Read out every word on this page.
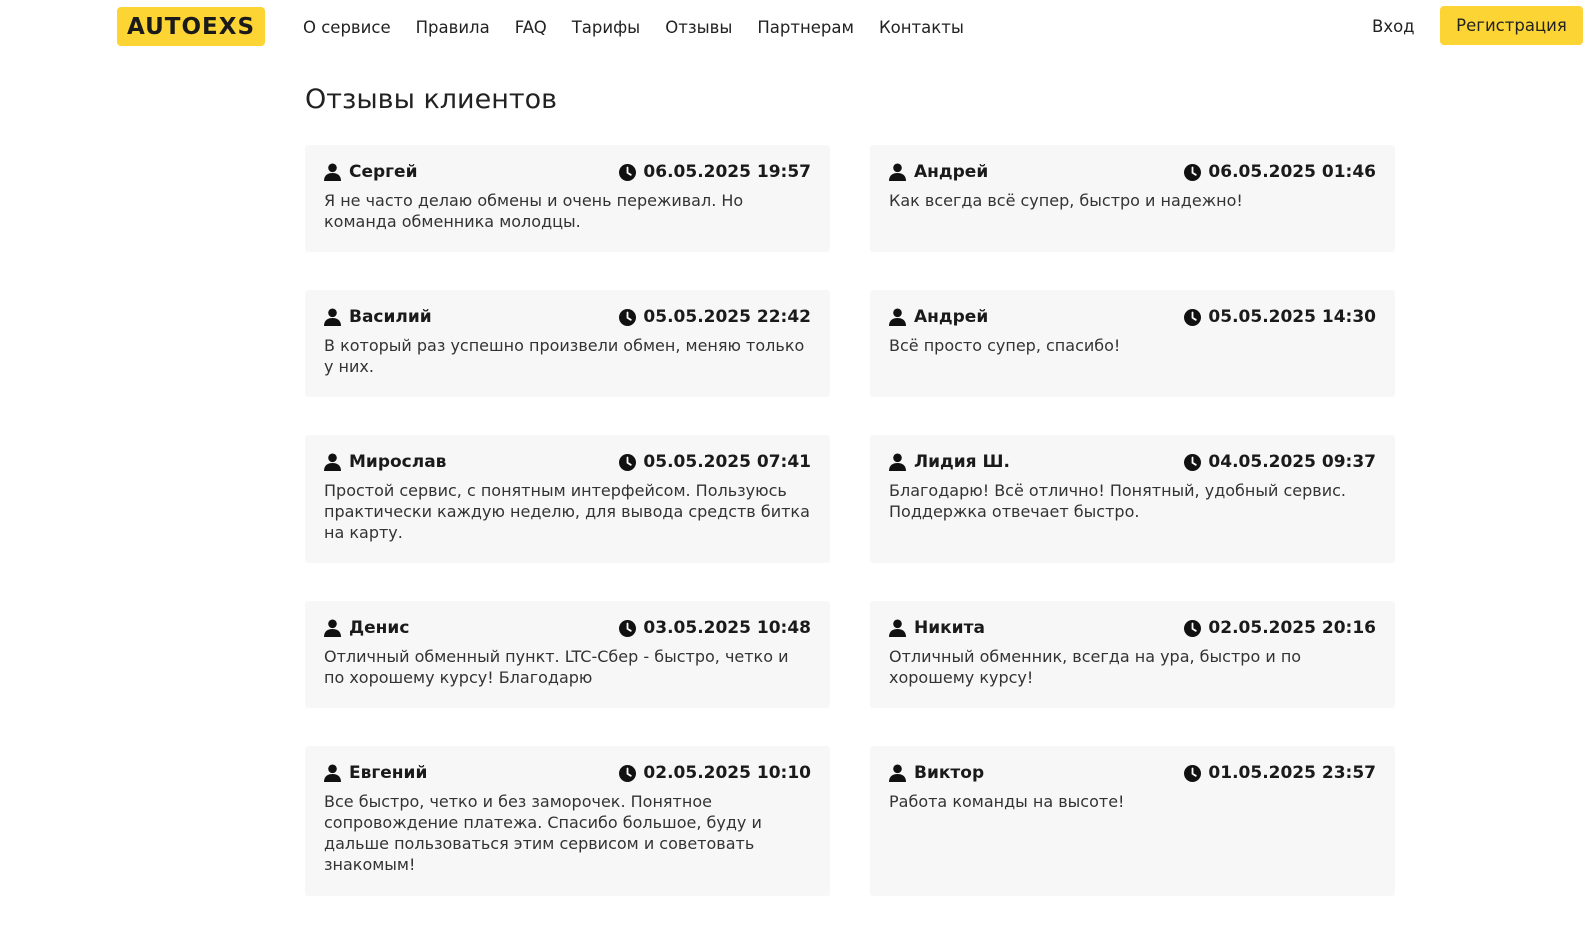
AUTOEXS	О сервисе Правила FAQ Тарифы Отзывы Партнерам Контакты	Вход	Регистрация
Отзывы клиентов
Сергей	06.05.2025 19:57
Я не часто делаю обмены и очень переживал. Но команда обменника молодцы.
Андрей	06.05.2025 01:46
Как всегда всё супер, быстро и надежно!
Василий	05.05.2025 22:42
В который раз успешно произвели обмен, меняю только у них.
Андрей	05.05.2025 14:30
Всё просто супер, спасибо!
Мирослав	05.05.2025 07:41
Простой сервис, с понятным интерфейсом. Пользуюсь практически каждую неделю, для вывода средств битка на карту.
Лидия Ш.	04.05.2025 09:37
Благодарю! Всё отлично! Понятный, удобный сервис. Поддержка отвечает быстро.
Денис	03.05.2025 10:48
Отличный обменный пункт. LTC-Сбер - быстро, четко и по хорошему курсу! Благодарю
Никита	02.05.2025 20:16
Отличный обменник, всегда на ура, быстро и по хорошему курсу!
Евгений	02.05.2025 10:10
Все быстро, четко и без заморочек. Понятное сопровождение платежа. Спасибо большое, буду и дальше пользоваться этим сервисом и советовать знакомым!
Виктор	01.05.2025 23:57
Работа команды на высоте!
